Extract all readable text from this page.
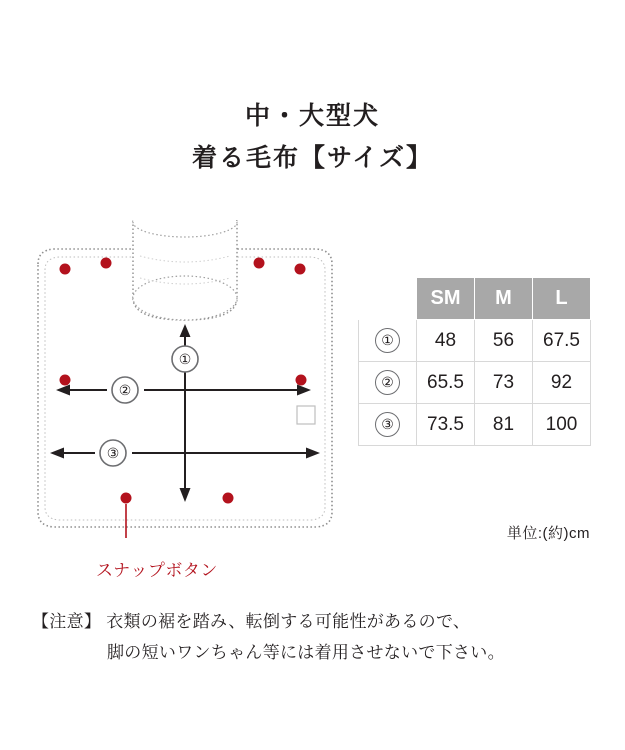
中・大型犬
着る毛布【サイズ】
①
②
③
スナップボタン
	SM	M	L
①	48	56	67.5
②	65.5	73	92
③	73.5	81	100
単位:(約)cm
【注意】 衣類の裾を踏み、転倒する可能性があるので、
脚の短いワンちゃん等には着用させないで下さい。
